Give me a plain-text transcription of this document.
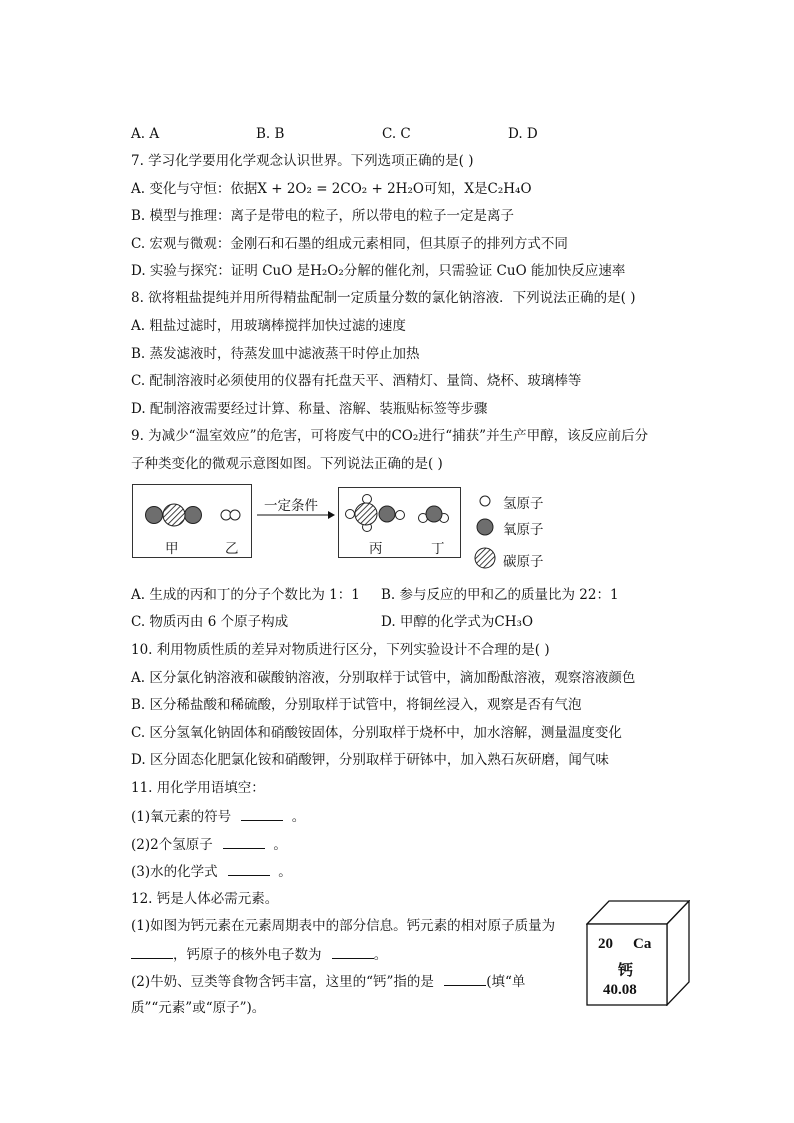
A. A	B. B	C. C	D. D
7. 学习化学要用化学观念认识世界。下列选项正确的是( )
A. 变化与守恒：依据X + 2O₂ = 2CO₂ + 2H₂O可知，X是C₂H₄O
B. 模型与推理：离子是带电的粒子，所以带电的粒子一定是离子
C. 宏观与微观：金刚石和石墨的组成元素相同，但其原子的排列方式不同
D. 实验与探究：证明 CuO 是H₂O₂分解的催化剂，只需验证 CuO 能加快反应速率
8. 欲将粗盐提纯并用所得精盐配制一定质量分数的氯化钠溶液．下列说法正确的是( )
A. 粗盐过滤时，用玻璃棒搅拌加快过滤的速度
B. 蒸发滤液时，待蒸发皿中滤液蒸干时停止加热
C. 配制溶液时必须使用的仪器有托盘天平、酒精灯、量筒、烧杯、玻璃棒等
D. 配制溶液需要经过计算、称量、溶解、装瓶贴标签等步骤
9. 为减少“温室效应”的危害，可将废气中的CO₂进行“捕获”并生产甲醇，该反应前后分
子种类变化的微观示意图如图。下列说法正确的是( )
甲	乙
一定条件
丙	丁
氢原子
氧原子
碳原子
A. 生成的丙和丁的分子个数比为 1：1 B. 参与反应的甲和乙的质量比为 22：1
C. 物质丙由 6 个原子构成	D. 甲醇的化学式为CH₃O
10. 利用物质性质的差异对物质进行区分，下列实验设计不合理的是( )
A. 区分氯化钠溶液和碳酸钠溶液，分别取样于试管中，滴加酚酞溶液，观察溶液颜色
B. 区分稀盐酸和稀硫酸，分别取样于试管中，将铜丝浸入，观察是否有气泡
C. 区分氢氧化钠固体和硝酸铵固体，分别取样于烧杯中，加水溶解，测量温度变化
D. 区分固态化肥氯化铵和硝酸钾，分别取样于研钵中，加入熟石灰研磨，闻气味
11. 用化学用语填空：
(1)氧元素的符号	。
(2)2个氢原子	。
(3)水的化学式	。
12. 钙是人体必需元素。
(1)如图为钙元素在元素周期表中的部分信息。钙元素的相对原子质量为
，钙原子的核外电子数为	。
(2)牛奶、豆类等食物含钙丰富，这里的“钙”指的是	(填“单
质”“元素”或“原子”)。
20 Ca
钙
40.08
